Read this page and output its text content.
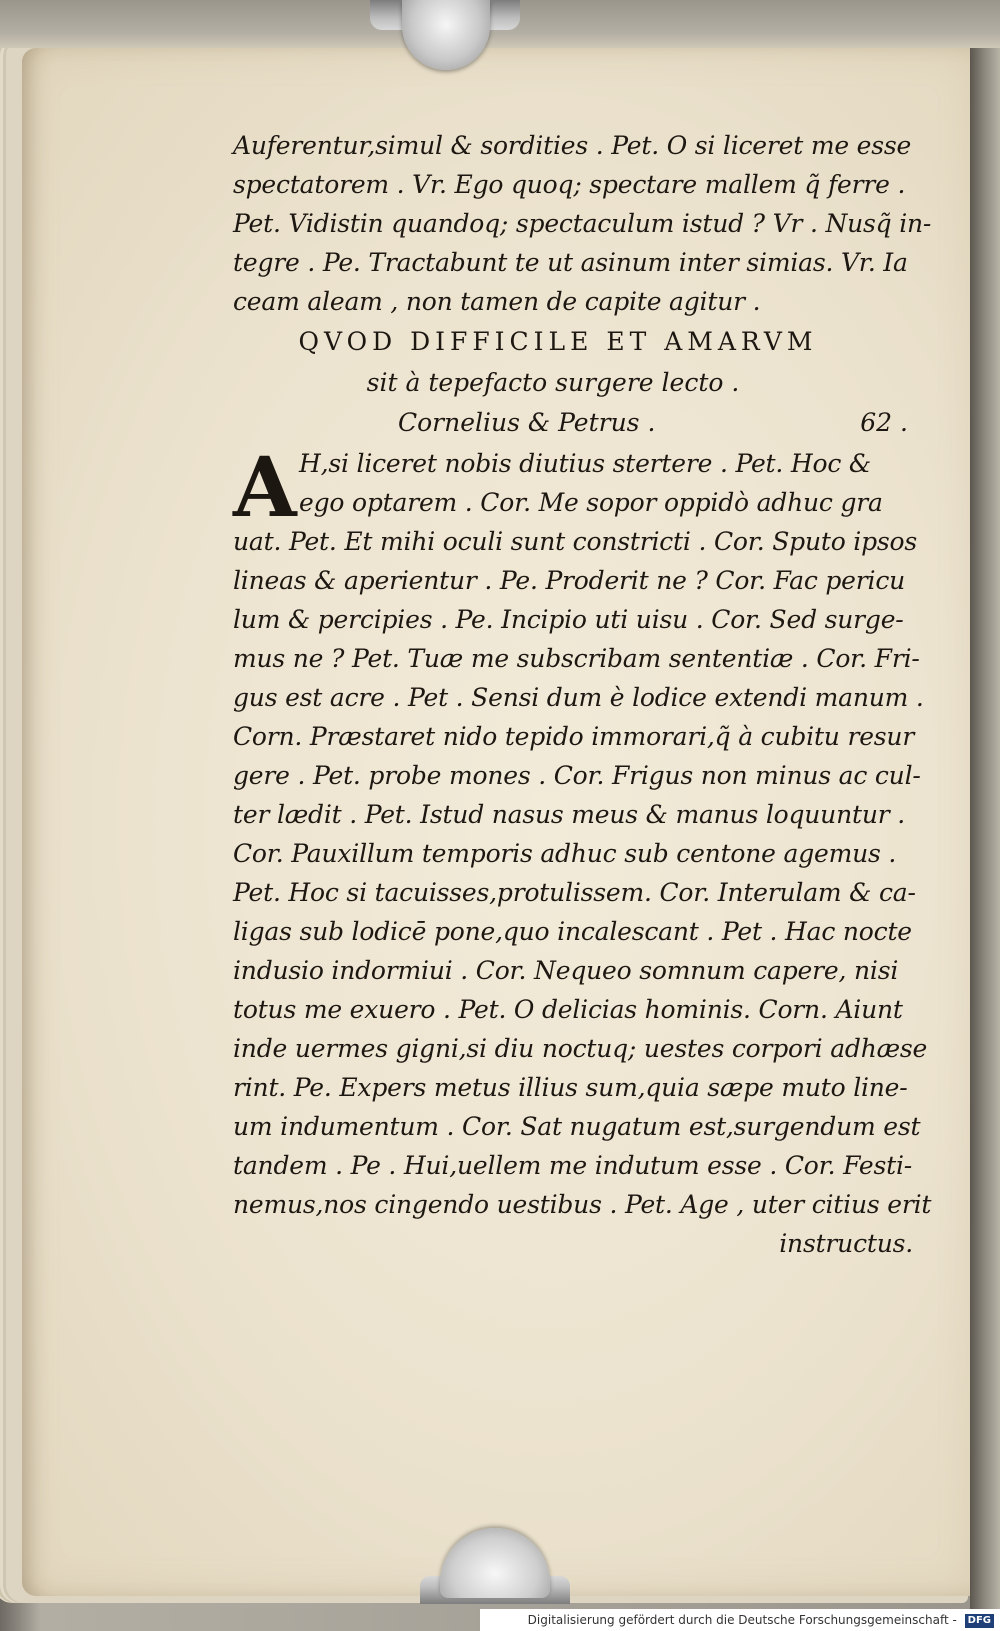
Auferentur,simul & sordities . Pet. O si liceret me esse
spectatorem . Vr. Ego quoq; spectare mallem q̃ ferre .
Pet. Vidistin quandoq; spectaculum istud ? Vr . Nusq̃ in-
tegre . Pe. Tractabunt te ut asinum inter simias. Vr. Ia
ceam aleam , non tamen de capite agitur .
QVOD DIFFICILE ET AMARVM
sit à tepefacto surgere lecto .
Cornelius & Petrus .	62 .
A H,si liceret nobis diutius stertere . Pet. Hoc &
ego optarem . Cor. Me sopor oppidò adhuc gra
uat. Pet. Et mihi oculi sunt constricti . Cor. Sputo ipsos
lineas & aperientur . Pe. Proderit ne ? Cor. Fac pericu
lum & percipies . Pe. Incipio uti uisu . Cor. Sed surge-
mus ne ? Pet. Tuæ me subscribam sententiæ . Cor. Fri-
gus est acre . Pet . Sensi dum è lodice extendi manum .
Corn. Præstaret nido tepido immorari,q̃ à cubitu resur
gere . Pet. probe mones . Cor. Frigus non minus ac cul-
ter lædit . Pet. Istud nasus meus & manus loquuntur .
Cor. Pauxillum temporis adhuc sub centone agemus .
Pet. Hoc si tacuisses,protulissem. Cor. Interulam & ca-
ligas sub lodicē pone,quo incalescant . Pet . Hac nocte
indusio indormiui . Cor. Nequeo somnum capere, nisi
totus me exuero . Pet. O delicias hominis. Corn. Aiunt
inde uermes gigni,si diu noctuq; uestes corpori adhæse
rint. Pe. Expers metus illius sum,quia sæpe muto line-
um indumentum . Cor. Sat nugatum est,surgendum est
tandem . Pe . Hui,uellem me indutum esse . Cor. Festi-
nemus,nos cingendo uestibus . Pet. Age , uter citius erit
instructus.
Digitalisierung gefördert durch die Deutsche Forschungsgemeinschaft - DFG
